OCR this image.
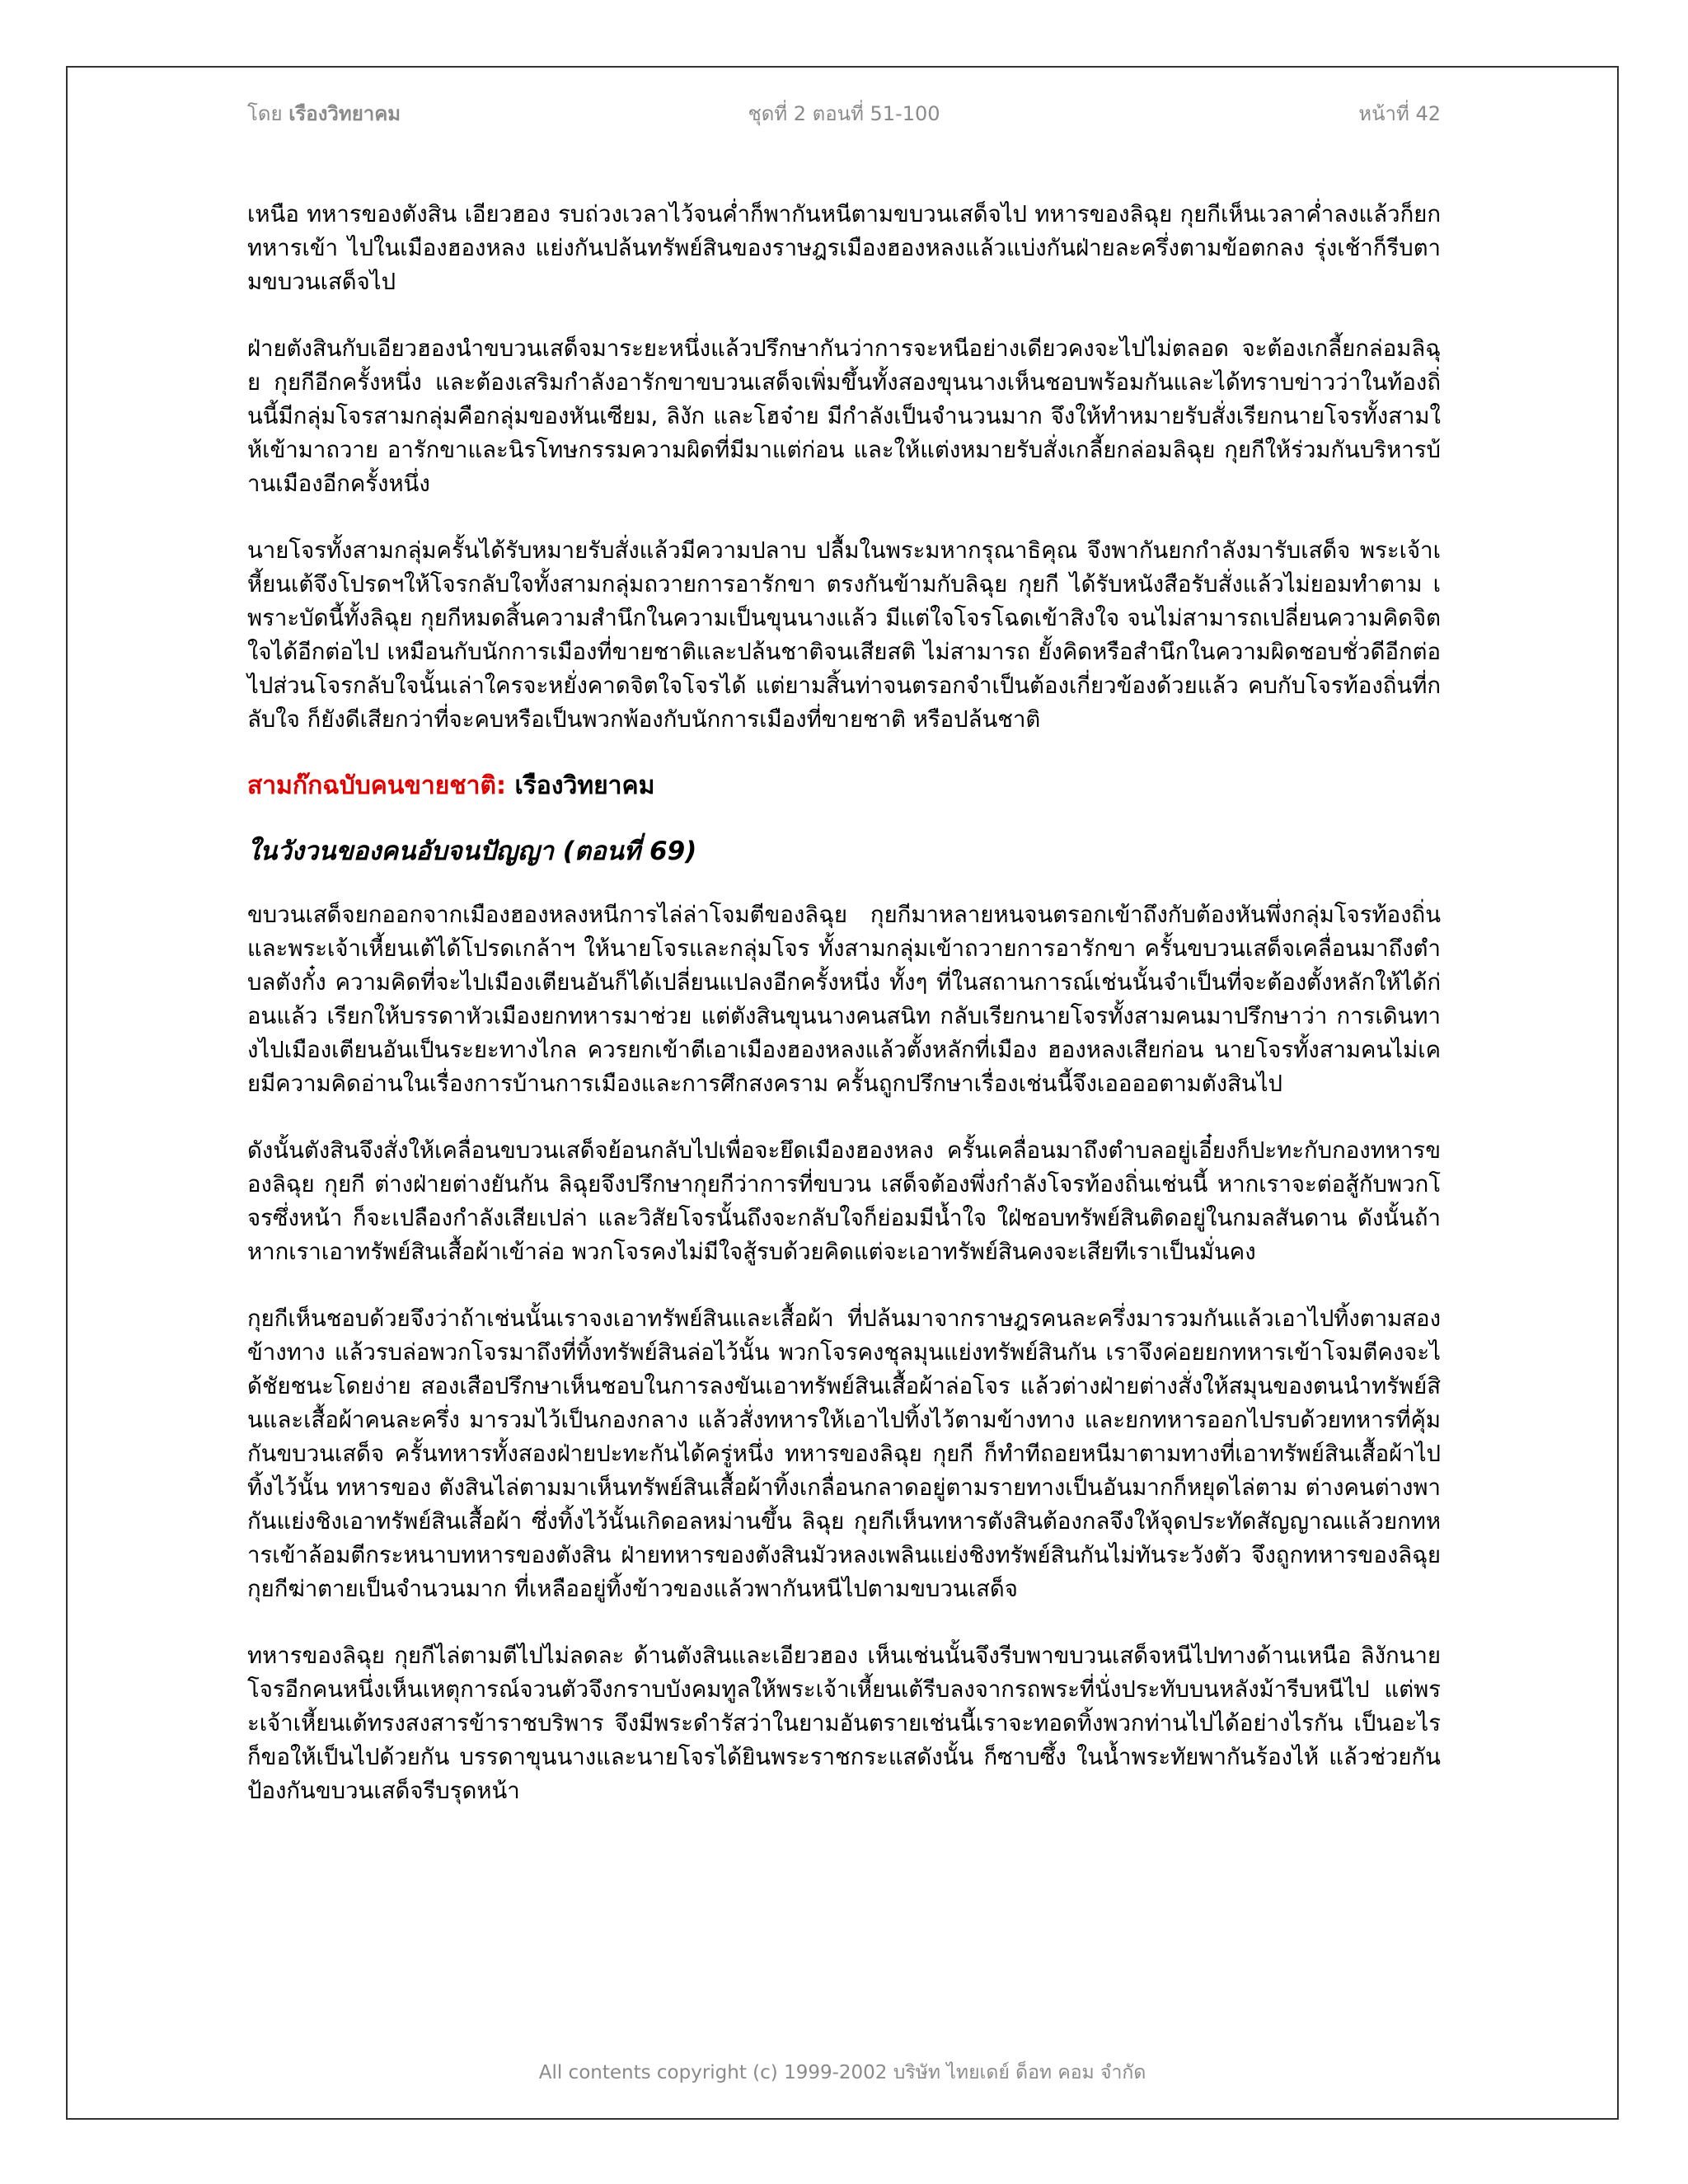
โดย เรืองวิทยาคม	ชุดที่ 2 ตอนที่ 51-100	หน้าที่ 42

เหนือ ทหารของตังสิน เอียวฮอง รบถ่วงเวลาไว้จนค่ำก็พากันหนีตามขบวนเสด็จไป ทหารของลิฉุย กุยกีเห็นเวลาค่ำลงแล้วก็ยกทหารเข้า ไปในเมืองฮองหลง แย่งกันปล้นทรัพย์สินของราษฎรเมืองฮองหลงแล้วแบ่งกันฝ่ายละครึ่งตามข้อตกลง รุ่งเช้าก็รีบตามขบวนเสด็จไป

ฝ่ายตังสินกับเอียวฮองนำขบวนเสด็จมาระยะหนึ่งแล้วปรึกษากันว่าการจะหนีอย่างเดียวคงจะไปไม่ตลอด จะต้องเกลี้ยกล่อมลิฉุย กุยกีอีกครั้งหนึ่ง และต้องเสริมกำลังอารักขาขบวนเสด็จเพิ่มขึ้นทั้งสองขุนนางเห็นชอบพร้อมกันและได้ทราบข่าวว่าในท้องถิ่นนี้มีกลุ่มโจรสามกลุ่มคือกลุ่มของหันเซียม, ลิงัก และโฮจ๋าย มีกำลังเป็นจำนวนมาก จึงให้ทำหมายรับสั่งเรียกนายโจรทั้งสามให้เข้ามาถวาย อารักขาและนิรโทษกรรมความผิดที่มีมาแต่ก่อน และให้แต่งหมายรับสั่งเกลี้ยกล่อมลิฉุย กุยกีให้ร่วมกันบริหารบ้านเมืองอีกครั้งหนึ่ง

นายโจรทั้งสามกลุ่มครั้นได้รับหมายรับสั่งแล้วมีความปลาบ ปลื้มในพระมหากรุณาธิคุณ จึงพากันยกกำลังมารับเสด็จ พระเจ้าเหี้ยนเต้จึงโปรดฯให้โจรกลับใจทั้งสามกลุ่มถวายการอารักขา ตรงกันข้ามกับลิฉุย กุยกี ได้รับหนังสือรับสั่งแล้วไม่ยอมทำตาม เพราะบัดนี้ทั้งลิฉุย กุยกีหมดสิ้นความสำนึกในความเป็นขุนนางแล้ว มีแต่ใจโจรโฉดเข้าสิงใจ จนไม่สามารถเปลี่ยนความคิดจิตใจได้อีกต่อไป เหมือนกับนักการเมืองที่ขายชาติและปล้นชาติจนเสียสติ ไม่สามารถ ยั้งคิดหรือสำนึกในความผิดชอบชั่วดีอีกต่อไปส่วนโจรกลับใจนั้นเล่าใครจะหยั่งคาดจิตใจโจรได้ แต่ยามสิ้นท่าจนตรอกจำเป็นต้องเกี่ยวข้องด้วยแล้ว คบกับโจรท้องถิ่นที่กลับใจ ก็ยังดีเสียกว่าที่จะคบหรือเป็นพวกพ้องกับนักการเมืองที่ขายชาติ หรือปล้นชาติ

สามก๊กฉบับคนขายชาติ: เรืองวิทยาคม
ในวังวนของคนอับจนปัญญา (ตอนที่ 69)

ขบวนเสด็จยกออกจากเมืองฮองหลงหนีการไล่ล่าโจมตีของลิฉุย กุยกีมาหลายหนจนตรอกเข้าถึงกับต้องหันพึ่งกลุ่มโจรท้องถิ่น และพระเจ้าเหี้ยนเต้ได้โปรดเกล้าฯ ให้นายโจรและกลุ่มโจร ทั้งสามกลุ่มเข้าถวายการอารักขา ครั้นขบวนเสด็จเคลื่อนมาถึงตำบลตังกั๋ง ความคิดที่จะไปเมืองเตียนอันก็ได้เปลี่ยนแปลงอีกครั้งหนึ่ง ทั้งๆ ที่ในสถานการณ์เช่นนั้นจำเป็นที่จะต้องตั้งหลักให้ได้ก่อนแล้ว เรียกให้บรรดาหัวเมืองยกทหารมาช่วย แต่ตังสินขุนนางคนสนิท กลับเรียกนายโจรทั้งสามคนมาปรึกษาว่า การเดินทางไปเมืองเตียนอันเป็นระยะทางไกล ควรยกเข้าตีเอาเมืองฮองหลงแล้วตั้งหลักที่เมือง ฮองหลงเสียก่อน นายโจรทั้งสามคนไม่เคยมีความคิดอ่านในเรื่องการบ้านการเมืองและการศึกสงคราม ครั้นถูกปรึกษาเรื่องเช่นนี้จึงเออออตามตังสินไป

ดังนั้นตังสินจึงสั่งให้เคลื่อนขบวนเสด็จย้อนกลับไปเพื่อจะยึดเมืองฮองหลง ครั้นเคลื่อนมาถึงตำบลอยู่เอี๋ยงก็ปะทะกับกองทหารของลิฉุย กุยกี ต่างฝ่ายต่างยันกัน ลิฉุยจึงปรึกษากุยกีว่าการที่ขบวน เสด็จต้องพึ่งกำลังโจรท้องถิ่นเช่นนี้ หากเราจะต่อสู้กับพวกโจรซึ่งหน้า ก็จะเปลืองกำลังเสียเปล่า และวิสัยโจรนั้นถึงจะกลับใจก็ย่อมมีน้ำใจ ใฝ่ชอบทรัพย์สินติดอยู่ในกมลสันดาน ดังนั้นถ้าหากเราเอาทรัพย์สินเสื้อผ้าเข้าล่อ พวกโจรคงไม่มีใจสู้รบด้วยคิดแต่จะเอาทรัพย์สินคงจะเสียทีเราเป็นมั่นคง

กุยกีเห็นชอบด้วยจึงว่าถ้าเช่นนั้นเราจงเอาทรัพย์สินและเสื้อผ้า ที่ปล้นมาจากราษฎรคนละครึ่งมารวมกันแล้วเอาไปทิ้งตามสองข้างทาง แล้วรบล่อพวกโจรมาถึงที่ทิ้งทรัพย์สินล่อไว้นั้น พวกโจรคงชุลมุนแย่งทรัพย์สินกัน เราจึงค่อยยกทหารเข้าโจมตีคงจะได้ชัยชนะโดยง่าย สองเสือปรึกษาเห็นชอบในการลงขันเอาทรัพย์สินเสื้อผ้าล่อโจร แล้วต่างฝ่ายต่างสั่งให้สมุนของตนนำทรัพย์สินและเสื้อผ้าคนละครึ่ง มารวมไว้เป็นกองกลาง แล้วสั่งทหารให้เอาไปทิ้งไว้ตามข้างทาง และยกทหารออกไปรบด้วยทหารที่คุ้มกันขบวนเสด็จ ครั้นทหารทั้งสองฝ่ายปะทะกันได้ครู่หนึ่ง ทหารของลิฉุย กุยกี ก็ทำทีถอยหนีมาตามทางที่เอาทรัพย์สินเสื้อผ้าไปทิ้งไว้นั้น ทหารของ ตังสินไล่ตามมาเห็นทรัพย์สินเสื้อผ้าทิ้งเกลื่อนกลาดอยู่ตามรายทางเป็นอันมากก็หยุดไล่ตาม ต่างคนต่างพากันแย่งชิงเอาทรัพย์สินเสื้อผ้า ซึ่งทิ้งไว้นั้นเกิดอลหม่านขึ้น ลิฉุย กุยกีเห็นทหารตังสินต้องกลจึงให้จุดประทัดสัญญาณแล้วยกทหารเข้าล้อมตีกระหนาบทหารของตังสิน ฝ่ายทหารของตังสินมัวหลงเพลินแย่งชิงทรัพย์สินกันไม่ทันระวังตัว จึงถูกทหารของลิฉุย กุยกีฆ่าตายเป็นจำนวนมาก ที่เหลืออยู่ทิ้งข้าวของแล้วพากันหนีไปตามขบวนเสด็จ

ทหารของลิฉุย กุยกีไล่ตามตีไปไม่ลดละ ด้านตังสินและเอียวฮอง เห็นเช่นนั้นจึงรีบพาขบวนเสด็จหนีไปทางด้านเหนือ ลิงักนายโจรอีกคนหนึ่งเห็นเหตุการณ์จวนตัวจึงกราบบังคมทูลให้พระเจ้าเหี้ยนเต้รีบลงจากรถพระที่นั่งประทับบนหลังม้ารีบหนีไป แต่พระเจ้าเหี้ยนเต้ทรงสงสารข้าราชบริพาร จึงมีพระดำรัสว่าในยามอันตรายเช่นนี้เราจะทอดทิ้งพวกท่านไปได้อย่างไรกัน เป็นอะไรก็ขอให้เป็นไปด้วยกัน บรรดาขุนนางและนายโจรได้ยินพระราชกระแสดังนั้น ก็ซาบซึ้ง ในน้ำพระทัยพากันร้องไห้ แล้วช่วยกันป้องกันขบวนเสด็จรีบรุดหน้า

All contents copyright (c) 1999-2002 บริษัท ไทยเดย์ ด็อท คอม จำกัด
